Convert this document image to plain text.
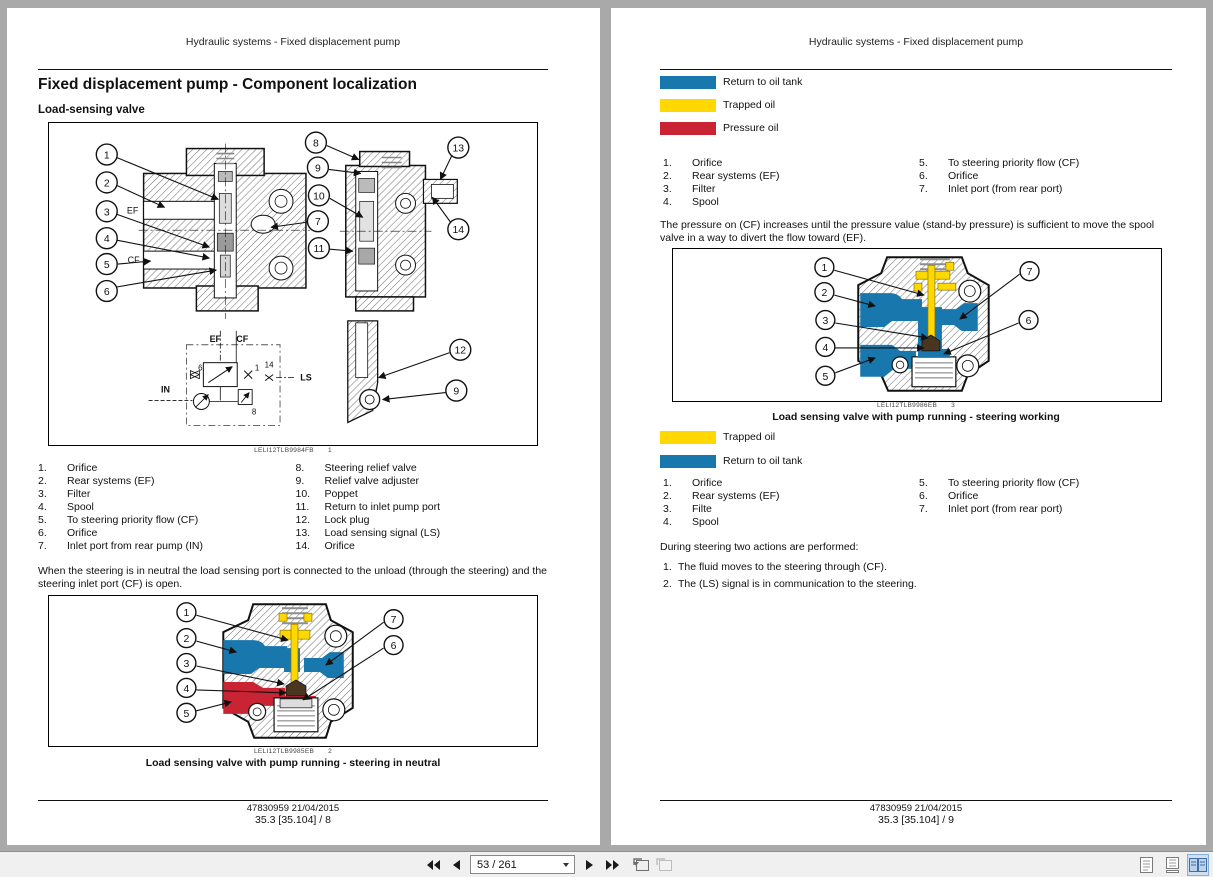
Hydraulic systems - Fixed displacement pump
Fixed displacement pump - Component localization
Load-sensing valve
EF
CF
EF CF
6	1 14
LS
IN
8
1
2
3
4
5
6
7
8
9
10
11
13
14
12
9
LELI12TLB9984FB 1
1.	Orifice
2.	Rear systems (EF)
3.	Filter
4.	Spool
5.	To steering priority flow (CF)
6.	Orifice
7.	Inlet port from rear pump (IN)
8.	Steering relief valve
9.	Relief valve adjuster
10.	Poppet
11.	Return to inlet pump port
12.	Lock plug
13.	Load sensing signal (LS)
14.	Orifice
When the steering is in neutral the load sensing port is connected to the unload (through the steering) and the steering inlet port (CF) is open.
1
2
3
4
5
7
6
LELI12TLB9985EB 2
Load sensing valve with pump running - steering in neutral
47830959 21/04/2015
35.3 [35.104] / 8
Hydraulic systems - Fixed displacement pump
Return to oil tank
Trapped oil
Pressure oil
1.	Orifice
2.	Rear systems (EF)
3.	Filter
4.	Spool
5.	To steering priority flow (CF)
6.	Orifice
7.	Inlet port (from rear port)
The pressure on (CF) increases until the pressure value (stand-by pressure) is sufficient to move the spool valve in a way to divert the flow toward (EF).
1
2
3
4
5
7
6
LELI12TLB9986EB 3
Load sensing valve with pump running - steering working
Trapped oil
Return to oil tank
1.	Orifice
2.	Rear systems (EF)
3.	Filte
4.	Spool
5.	To steering priority flow (CF)
6.	Orifice
7.	Inlet port (from rear port)
During steering two actions are performed:
1. The fluid moves to the steering through (CF).
2. The (LS) signal is in communication to the steering.
47830959 21/04/2015
35.3 [35.104] / 9
53 / 261
